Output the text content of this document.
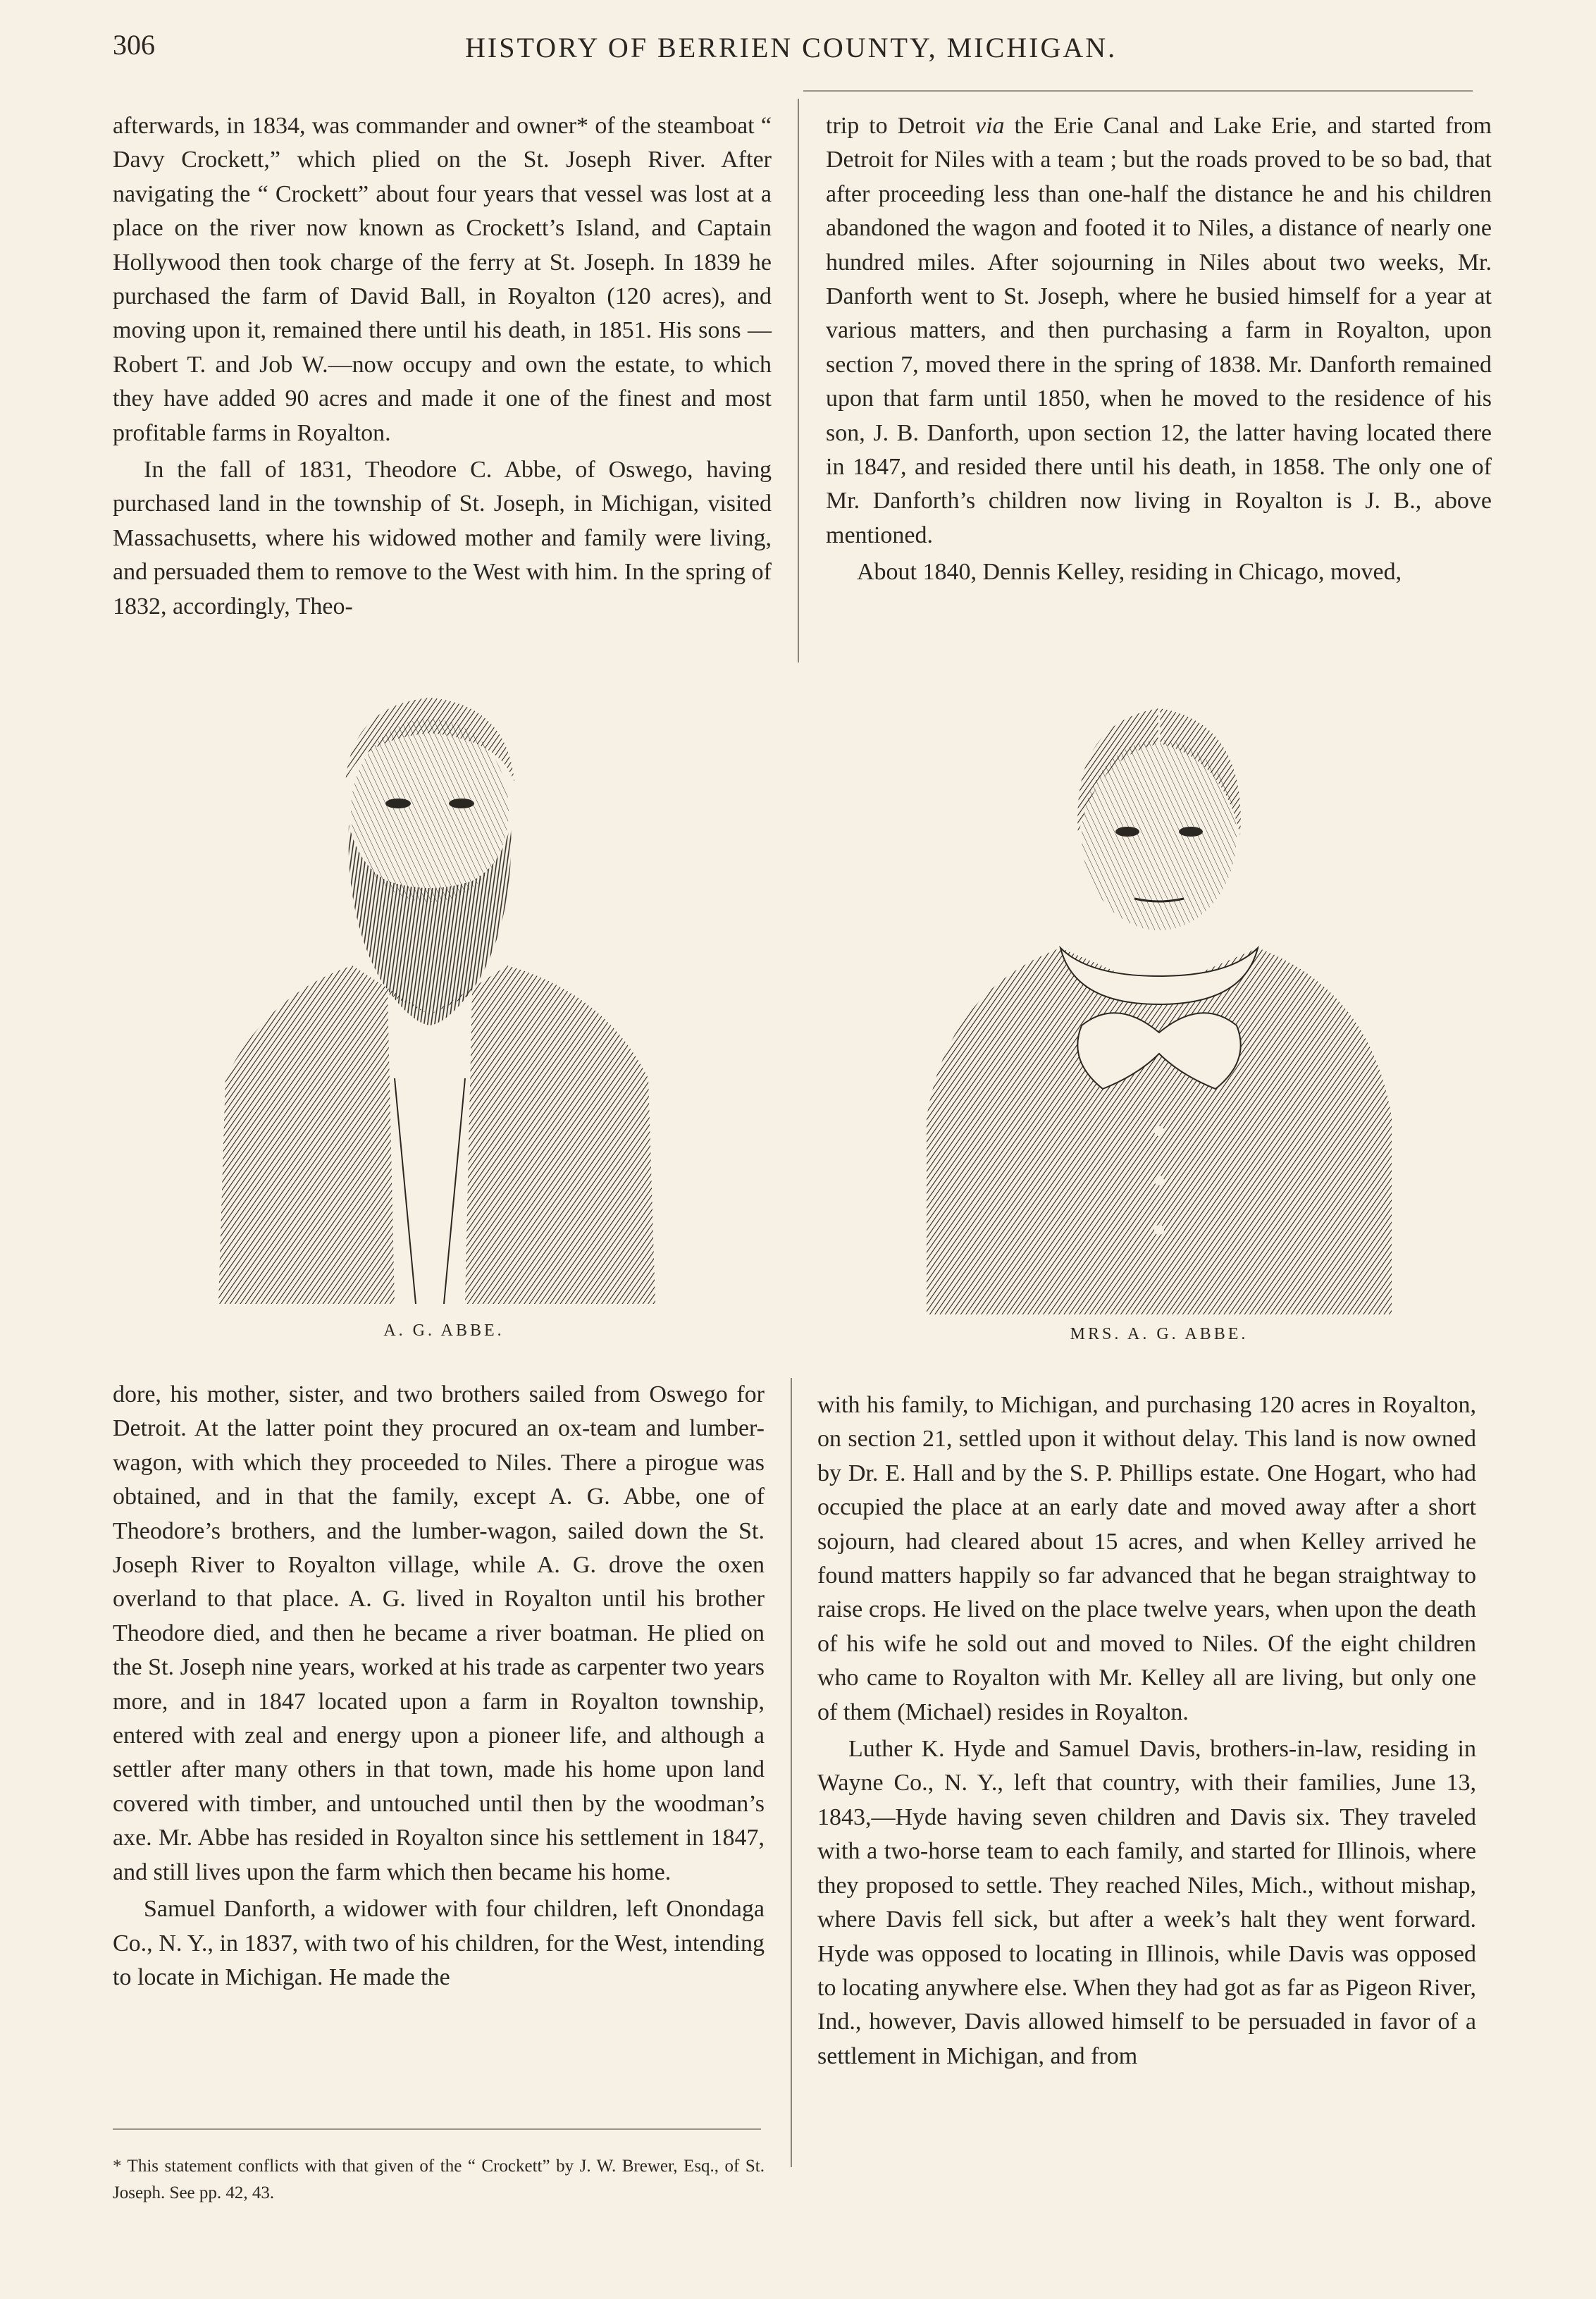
306	HISTORY OF BERRIEN COUNTY, MICHIGAN.

afterwards, in 1834, was commander and owner* of the steamboat “ Davy Crockett,” which plied on the St. Joseph River. After navigating the “ Crockett” about four years that vessel was lost at a place on the river now known as Crockett’s Island, and Captain Hollywood then took charge of the ferry at St. Joseph. In 1839 he purchased the farm of David Ball, in Royalton (120 acres), and moving upon it, remained there until his death, in 1851. His sons —Robert T. and Job W.—now occupy and own the estate, to which they have added 90 acres and made it one of the finest and most profitable farms in Royalton.

In the fall of 1831, Theodore C. Abbe, of Oswego, having purchased land in the township of St. Joseph, in Michigan, visited Massachusetts, where his widowed mother and family were living, and persuaded them to remove to the West with him. In the spring of 1832, accordingly, Theo-

trip to Detroit via the Erie Canal and Lake Erie, and started from Detroit for Niles with a team ; but the roads proved to be so bad, that after proceeding less than one-half the distance he and his children abandoned the wagon and footed it to Niles, a distance of nearly one hundred miles. After sojourning in Niles about two weeks, Mr. Danforth went to St. Joseph, where he busied himself for a year at various matters, and then purchasing a farm in Royalton, upon section 7, moved there in the spring of 1838. Mr. Danforth remained upon that farm until 1850, when he moved to the residence of his son, J. B. Danforth, upon section 12, the latter having located there in 1847, and resided there until his death, in 1858. The only one of Mr. Danforth’s children now living in Royalton is J. B., above mentioned.

About 1840, Dennis Kelley, residing in Chicago, moved,

A. G. ABBE.	MRS. A. G. ABBE.

dore, his mother, sister, and two brothers sailed from Oswego for Detroit. At the latter point they procured an ox-team and lumber-wagon, with which they proceeded to Niles. There a pirogue was obtained, and in that the family, except A. G. Abbe, one of Theodore’s brothers, and the lumber-wagon, sailed down the St. Joseph River to Royalton village, while A. G. drove the oxen overland to that place. A. G. lived in Royalton until his brother Theodore died, and then he became a river boatman. He plied on the St. Joseph nine years, worked at his trade as carpenter two years more, and in 1847 located upon a farm in Royalton township, entered with zeal and energy upon a pioneer life, and although a settler after many others in that town, made his home upon land covered with timber, and untouched until then by the woodman’s axe. Mr. Abbe has resided in Royalton since his settlement in 1847, and still lives upon the farm which then became his home.

Samuel Danforth, a widower with four children, left Onondaga Co., N. Y., in 1837, with two of his children, for the West, intending to locate in Michigan. He made the

with his family, to Michigan, and purchasing 120 acres in Royalton, on section 21, settled upon it without delay. This land is now owned by Dr. E. Hall and by the S. P. Phillips estate. One Hogart, who had occupied the place at an early date and moved away after a short sojourn, had cleared about 15 acres, and when Kelley arrived he found matters happily so far advanced that he began straightway to raise crops. He lived on the place twelve years, when upon the death of his wife he sold out and moved to Niles. Of the eight children who came to Royalton with Mr. Kelley all are living, but only one of them (Michael) resides in Royalton.

Luther K. Hyde and Samuel Davis, brothers-in-law, residing in Wayne Co., N. Y., left that country, with their families, June 13, 1843,—Hyde having seven children and Davis six. They traveled with a two-horse team to each family, and started for Illinois, where they proposed to settle. They reached Niles, Mich., without mishap, where Davis fell sick, but after a week’s halt they went forward. Hyde was opposed to locating in Illinois, while Davis was opposed to locating anywhere else. When they had got as far as Pigeon River, Ind., however, Davis allowed himself to be persuaded in favor of a settlement in Michigan, and from

* This statement conflicts with that given of the “ Crockett” by J. W. Brewer, Esq., of St. Joseph. See pp. 42, 43.
